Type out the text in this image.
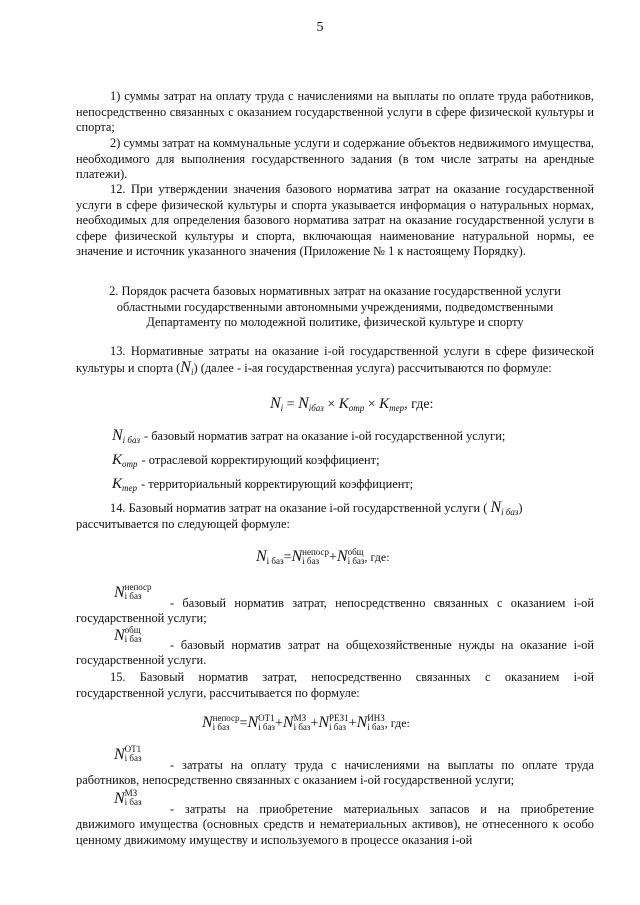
5

1) суммы затрат на оплату труда с начислениями на выплаты по оплате труда работников, непосредственно связанных с оказанием государственной услуги в сфере физической культуры и спорта;

2) суммы затрат на коммунальные услуги и содержание объектов недвижимого имущества, необходимого для выполнения государственного задания (в том числе затраты на арендные платежи).

12. При утверждении значения базового норматива затрат на оказание государственной услуги в сфере физической культуры и спорта указывается информация о натуральных нормах, необходимых для определения базового норматива затрат на оказание государственной услуги в сфере физической культуры и спорта, включающая наименование натуральной нормы, ее значение и источник указанного значения (Приложение № 1 к настоящему Порядку).

2. Порядок расчета базовых нормативных затрат на оказание государственной услуги областными государственными автономными учреждениями, подведомственными Департаменту по молодежной политике, физической культуре и спорту

13. Нормативные затраты на оказание i-ой государственной услуги в сфере физической культуры и спорта $(N_i)$ (далее - i-ая государственная услуга) рассчитываются по формуле:

$N_i = N_{iбаз} \times K_{отр} \times K_{тер}$, где:
$N_{i баз}$ - базовый норматив затрат на оказание i-ой государственной услуги;
$K_{отр}$ - отраслевой корректирующий коэффициент;
$K_{тер}$ - территориальный корректирующий коэффициент;
14. Базовый норматив затрат на оказание i-ой государственной услуги ( $N_{i баз}$)

рассчитывается по следующей формуле:

N i баз =N непоср
i баз +N общ
i баз , где:
N непоср
i баз	- базовый норматив затрат, непосредственно связанных с оказанием i-ой
государственной услуги;
N общ
i баз - базовый норматив затрат на общехозяйственные нужды на оказание i-ой
государственной услуги.

15. Базовый норматив затрат, непосредственно связанных с оказанием i-ой государственной услуги, рассчитывается по формуле:

N непоср
i баз =N ОТ1
i баз +N МЗ
i баз +N РЕЗ1
i баз +N ИНЗ
i баз , где:
N ОТ1
i баз - затраты на оплату труда с начислениями на выплаты по оплате труда
работников, непосредственно связанных с оказанием i-ой государственной услуги;
N МЗ
i баз - затраты на приобретение материальных запасов и на приобретение
движимого имущества (основных средств и нематериальных активов), не отнесенного к особо ценному движимому имуществу и используемого в процессе оказания i-ой
